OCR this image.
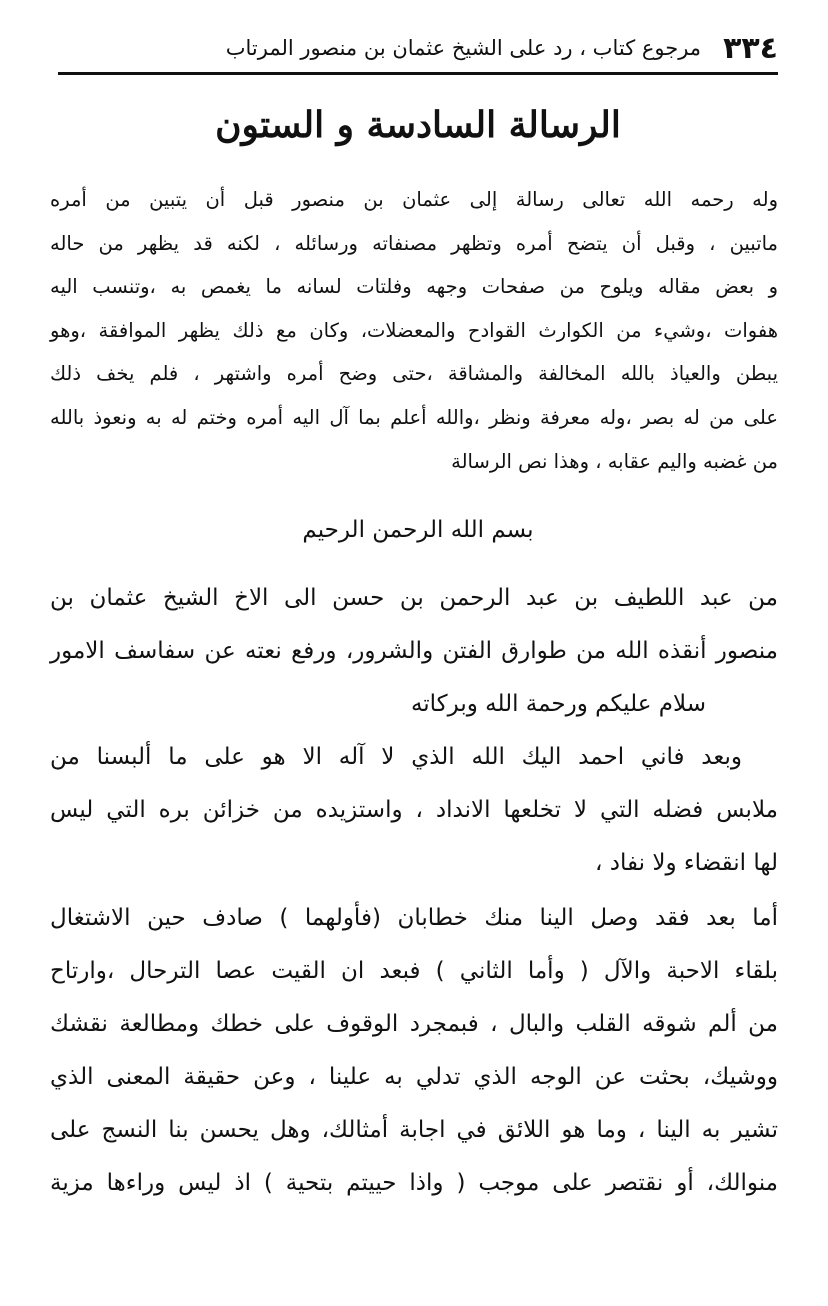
٣٣٤
مرجوع كتاب ، رد على الشيخ عثمان بن منصور المرتاب
الرسالة السادسة و الستون
وله رحمه الله تعالى رسالة إلى عثمان بن منصور قبل أن يتبين من أمره
ماتبين ، وقبل أن يتضح أمره وتظهر مصنفاته ورسائله ، لكنه قد يظهر من حاله
و بعض مقاله ويلوح من صفحات وجهه وفلتات لسانه ما يغمص به ،وتنسب اليه
هفوات ،وشيء من الكوارث القوادح والمعضلات، وكان مع ذلك يظهر الموافقة ،وهو
يبطن والعياذ بالله المخالفة والمشاقة ،حتى وضح أمره واشتهر ، فلم يخف ذلك
على من له بصر ،وله معرفة ونظر ،والله أعلم بما آل اليه أمره وختم له به ونعوذ بالله
من غضبه واليم عقابه ، وهذا نص الرسالة
بسم الله الرحمن الرحيم
من عبد اللطيف بن عبد الرحمن بن حسن الى الاخ الشيخ عثمان بن
منصور أنقذه الله من طوارق الفتن والشرور، ورفع نعته عن سفاسف الامور
سلام عليكم ورحمة الله وبركاته
وبعد فاني احمد اليك الله الذي لا آله الا هو على ما ألبسنا من
ملابس فضله التي لا تخلعها الانداد ، واستزيده من خزائن بره التي ليس
لها انقضاء ولا نفاد ،
أما بعد فقد وصل الينا منك خطابان (فأولهما ) صادف حين الاشتغال
بلقاء الاحبة والآل ( وأما الثاني ) فبعد ان القيت عصا الترحال ،وارتاح
من ألم شوقه القلب والبال ، فبمجرد الوقوف على خطك ومطالعة نقشك
ووشيك، بحثت عن الوجه الذي تدلي به علينا ، وعن حقيقة المعنى الذي
تشير به الينا ، وما هو اللائق في اجابة أمثالك، وهل يحسن بنا النسج على
منوالك، أو نقتصر على موجب ( واذا حييتم بتحية ) اذ ليس وراءها مزية
